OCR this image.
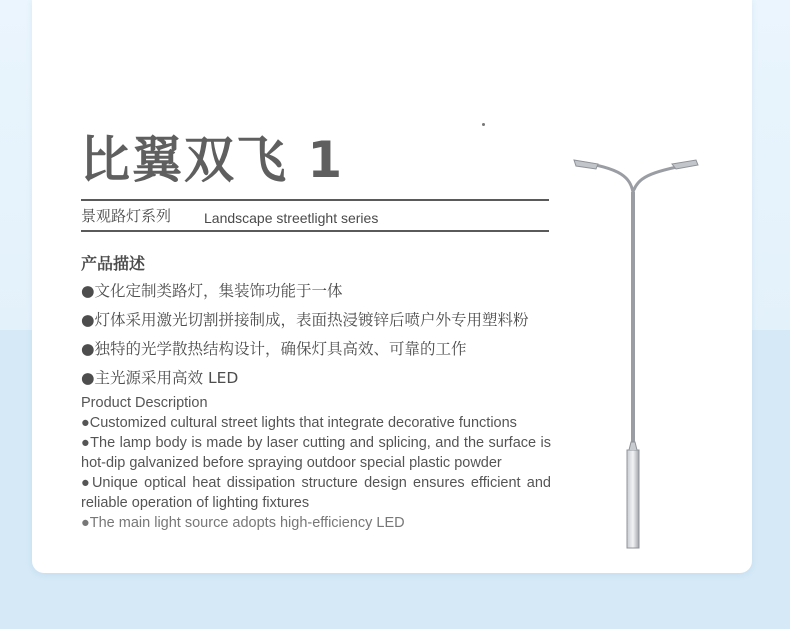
比翼双飞 1
景观路灯系列 Landscape streetlight series
产品描述
●文化定制类路灯，集装饰功能于一体
●灯体采用激光切割拼接制成，表面热浸镀锌后喷户外专用塑料粉
●独特的光学散热结构设计，确保灯具高效、可靠的工作
●主光源采用高效 LED
Product Description
●Customized cultural street lights that integrate decorative functions
●The lamp body is made by laser cutting and splicing, and the surface is hot-dip galvanized before spraying outdoor special plastic powder
●Unique optical heat dissipation structure design ensures efficient and reliable operation of lighting fixtures
●The main light source adopts high-efficiency LED
